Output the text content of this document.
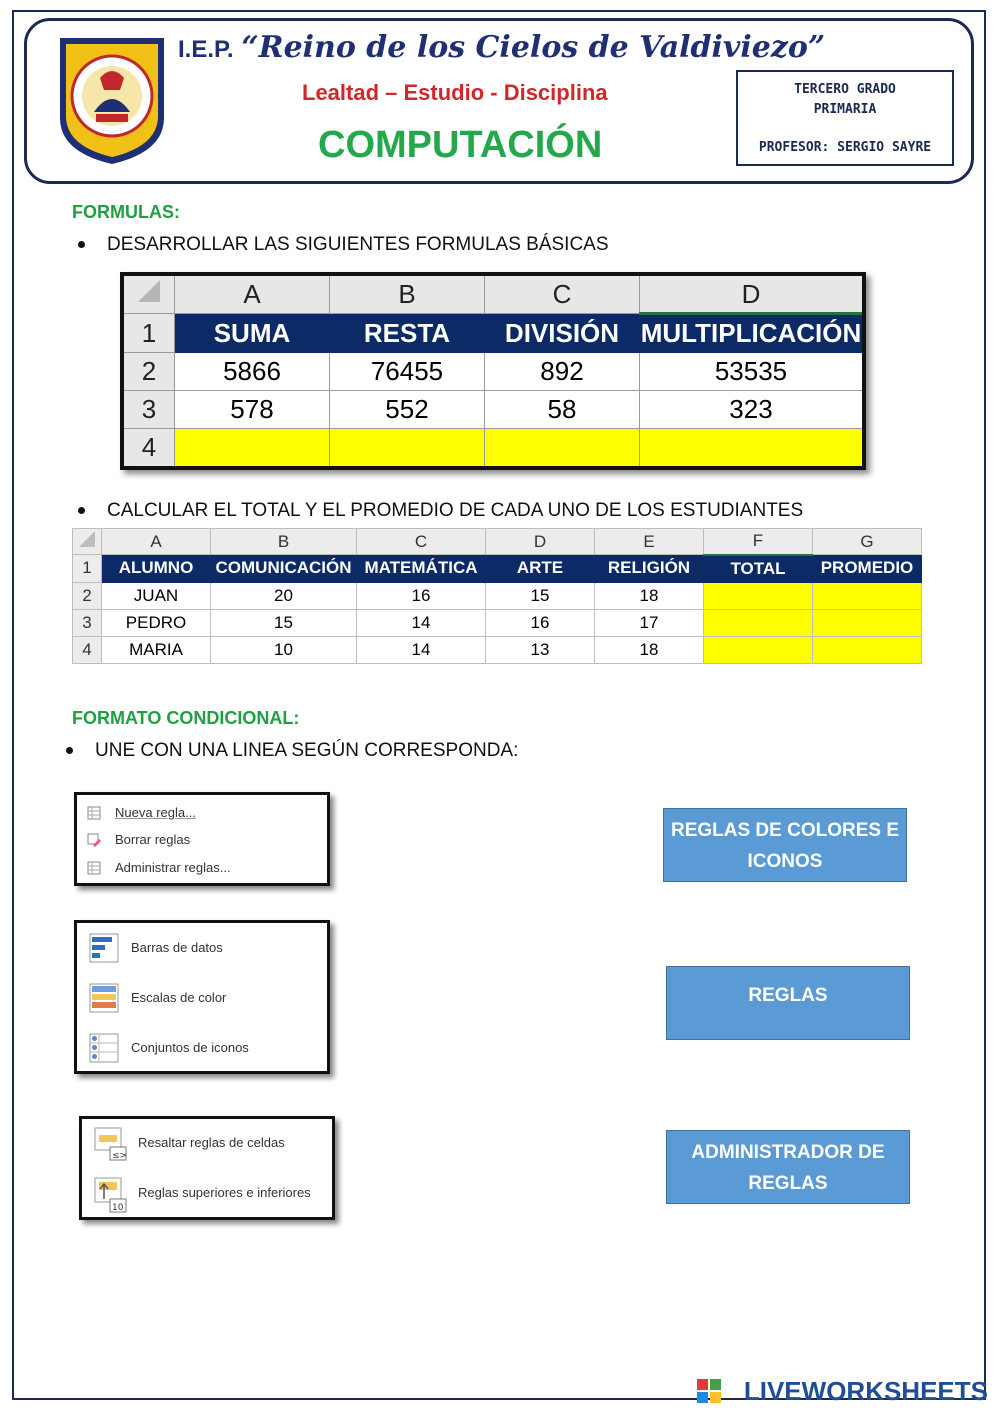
I.E.P. “Reino de los Cielos de Valdiviezo”
Lealtad – Estudio - Disciplina
COMPUTACIÓN
TERCERO GRADO
PRIMARIA
PROFESOR: SERGIO SAYRE
FORMULAS:
DESARROLLAR LAS SIGUIENTES FORMULAS BÁSICAS
	A	B	C	D
1	SUMA	RESTA	DIVISIÓN	MULTIPLICACIÓN
2	5866	76455	892	53535
3	578	552	58	323
4				
CALCULAR EL TOTAL Y EL PROMEDIO DE CADA UNO DE LOS ESTUDIANTES
	A	B	C	D	E	F	G
1	ALUMNO	COMUNICACIÓN	MATEMÁTICA	ARTE	RELIGIÓN	TOTAL	PROMEDIO
2	JUAN	20	16	15	18		
3	PEDRO	15	14	16	17		
4	MARIA	10	14	13	18		
FORMATO CONDICIONAL:
UNE CON UNA LINEA SEGÚN CORRESPONDA:
Nueva regla...
Borrar reglas
Administrar reglas...
Barras de datos
Escalas de color
Conjuntos de iconos
≤>
Resaltar reglas de celdas
10
Reglas superiores e inferiores
REGLAS DE COLORES E ICONOS
REGLAS
ADMINISTRADOR DE REGLAS
LIVEWORKSHEETS
